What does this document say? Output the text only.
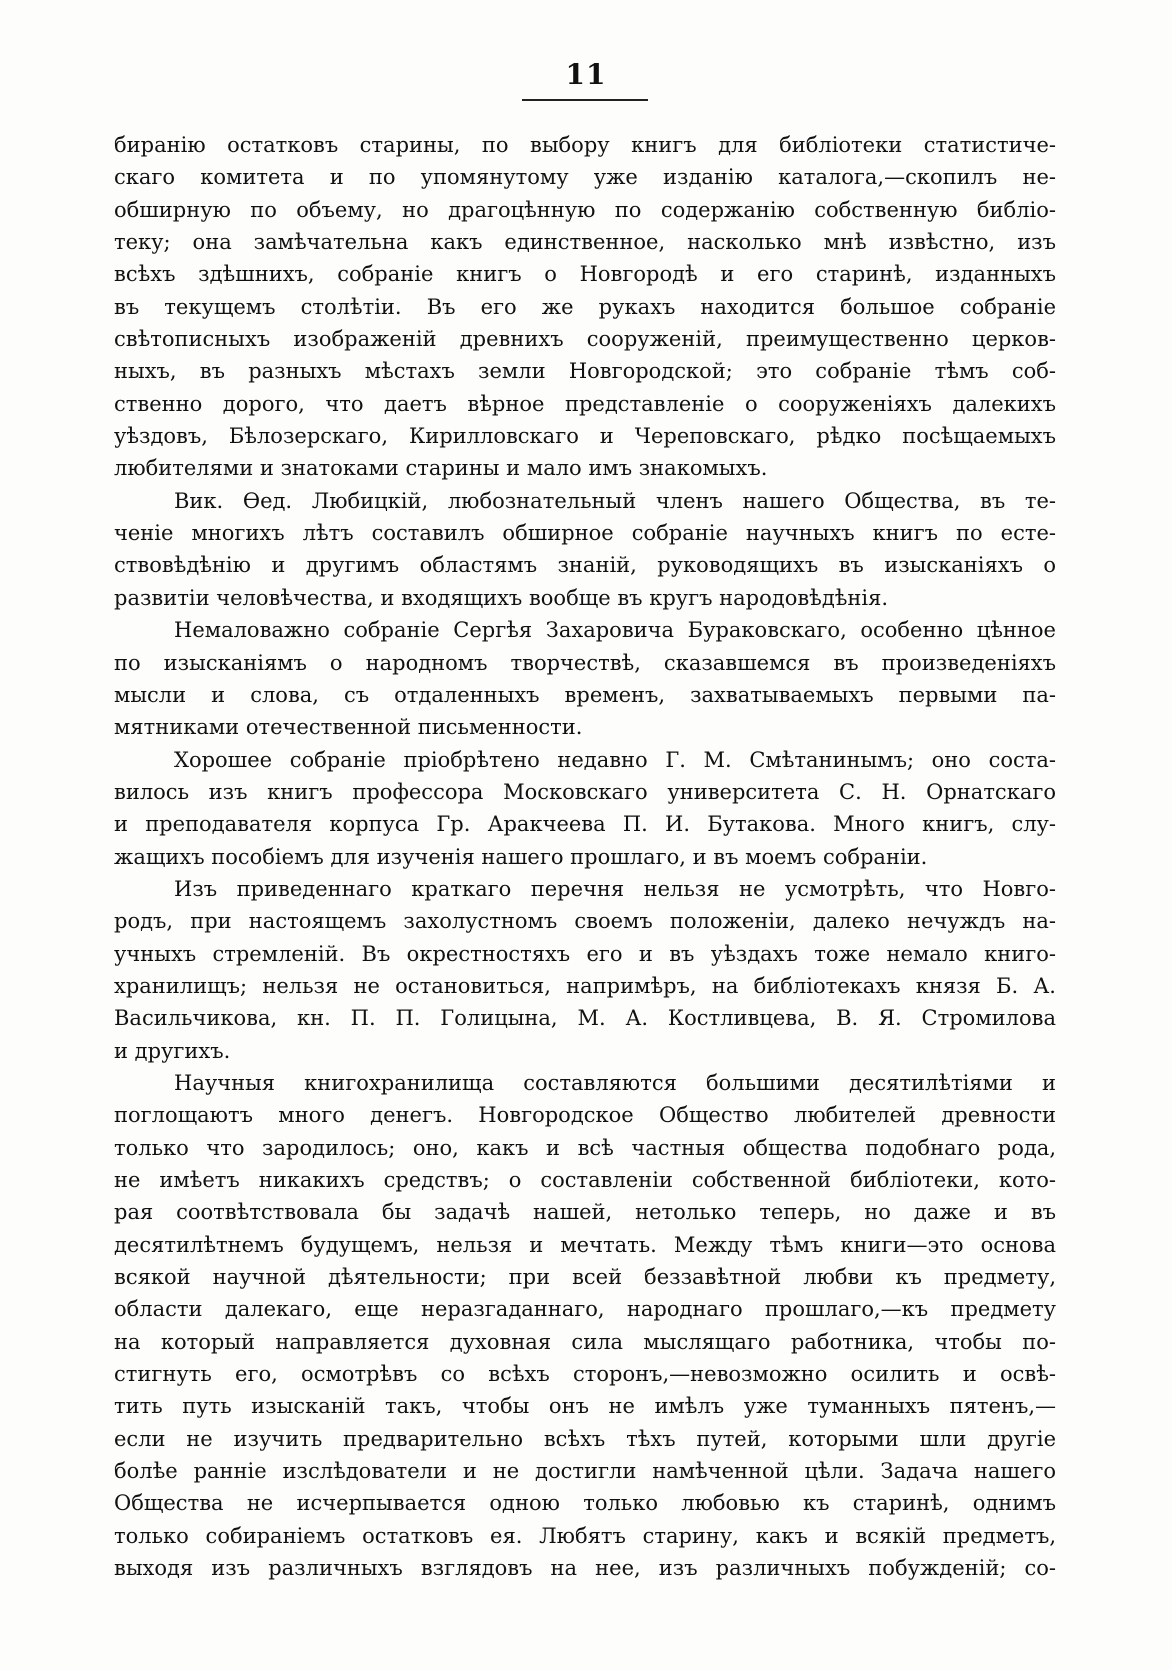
11
биранію остатковъ старины, по выбору книгъ для библіотеки статистиче-
скаго комитета и по упомянутому уже изданію каталога,—скопилъ не-
обширную по объему, но драгоцѣнную по содержанію собственную библіо-
теку; она замѣчательна какъ единственное, насколько мнѣ извѣстно, изъ
всѣхъ здѣшнихъ, собраніе книгъ о Новгородѣ и его старинѣ, изданныхъ
въ текущемъ столѣтіи. Въ его же рукахъ находится большое собраніе
свѣтописныхъ изображеній древнихъ сооруженій, преимущественно церков-
ныхъ, въ разныхъ мѣстахъ земли Новгородской; это собраніе тѣмъ соб-
ственно дорого, что даетъ вѣрное представленіе о сооруженіяхъ далекихъ
уѣздовъ, Бѣлозерскаго, Кирилловскаго и Череповскаго, рѣдко посѣщаемыхъ
любителями и знатоками старины и мало имъ знакомыхъ.
Вик. Ѳед. Любицкій, любознательный членъ нашего Общества, въ те-
ченіе многихъ лѣтъ составилъ обширное собраніе научныхъ книгъ по есте-
ствовѣдѣнію и другимъ областямъ знаній, руководящихъ въ изысканіяхъ о
развитіи человѣчества, и входящихъ вообще въ кругъ народовѣдѣнія.
Немаловажно собраніе Сергѣя Захаровича Бураковскаго, особенно цѣнное
по изысканіямъ о народномъ творчествѣ, сказавшемся въ произведеніяхъ
мысли и слова, съ отдаленныхъ временъ, захватываемыхъ первыми па-
мятниками отечественной письменности.
Хорошее собраніе пріобрѣтено недавно Г. М. Смѣтанинымъ; оно соста-
вилось изъ книгъ профессора Московскаго университета С. Н. Орнатскаго
и преподавателя корпуса Гр. Аракчеева П. И. Бутакова. Много книгъ, слу-
жащихъ пособіемъ для изученія нашего прошлаго, и въ моемъ собраніи.
Изъ приведеннаго краткаго перечня нельзя не усмотрѣть, что Новго-
родъ, при настоящемъ захолустномъ своемъ положеніи, далеко нечуждъ на-
учныхъ стремленій. Въ окрестностяхъ его и въ уѣздахъ тоже немало книго-
хранилищъ; нельзя не остановиться, напримѣръ, на библіотекахъ князя Б. А.
Васильчикова, кн. П. П. Голицына, М. А. Костливцева, В. Я. Стромилова
и другихъ.
Научныя книгохранилища составляются большими десятилѣтіями и
поглощаютъ много денегъ. Новгородское Общество любителей древности
только что зародилось; оно, какъ и всѣ частныя общества подобнаго рода,
не имѣетъ никакихъ средствъ; о составленіи собственной библіотеки, кото-
рая соотвѣтствовала бы задачѣ нашей, нетолько теперь, но даже и въ
десятилѣтнемъ будущемъ, нельзя и мечтать. Между тѣмъ книги—это основа
всякой научной дѣятельности; при всей беззавѣтной любви къ предмету,
области далекаго, еще неразгаданнаго, народнаго прошлаго,—къ предмету
на который направляется духовная сила мыслящаго работника, чтобы по-
стигнуть его, осмотрѣвъ со всѣхъ сторонъ,—невозможно осилить и освѣ-
тить путь изысканій такъ, чтобы онъ не имѣлъ уже туманныхъ пятенъ,—
если не изучить предварительно всѣхъ тѣхъ путей, которыми шли другіе
болѣе ранніе изслѣдователи и не достигли намѣченной цѣли. Задача нашего
Общества не исчерпывается одною только любовью къ старинѣ, однимъ
только собираніемъ остатковъ ея. Любятъ старину, какъ и всякій предметъ,
выходя изъ различныхъ взглядовъ на нее, изъ различныхъ побужденій; со-
